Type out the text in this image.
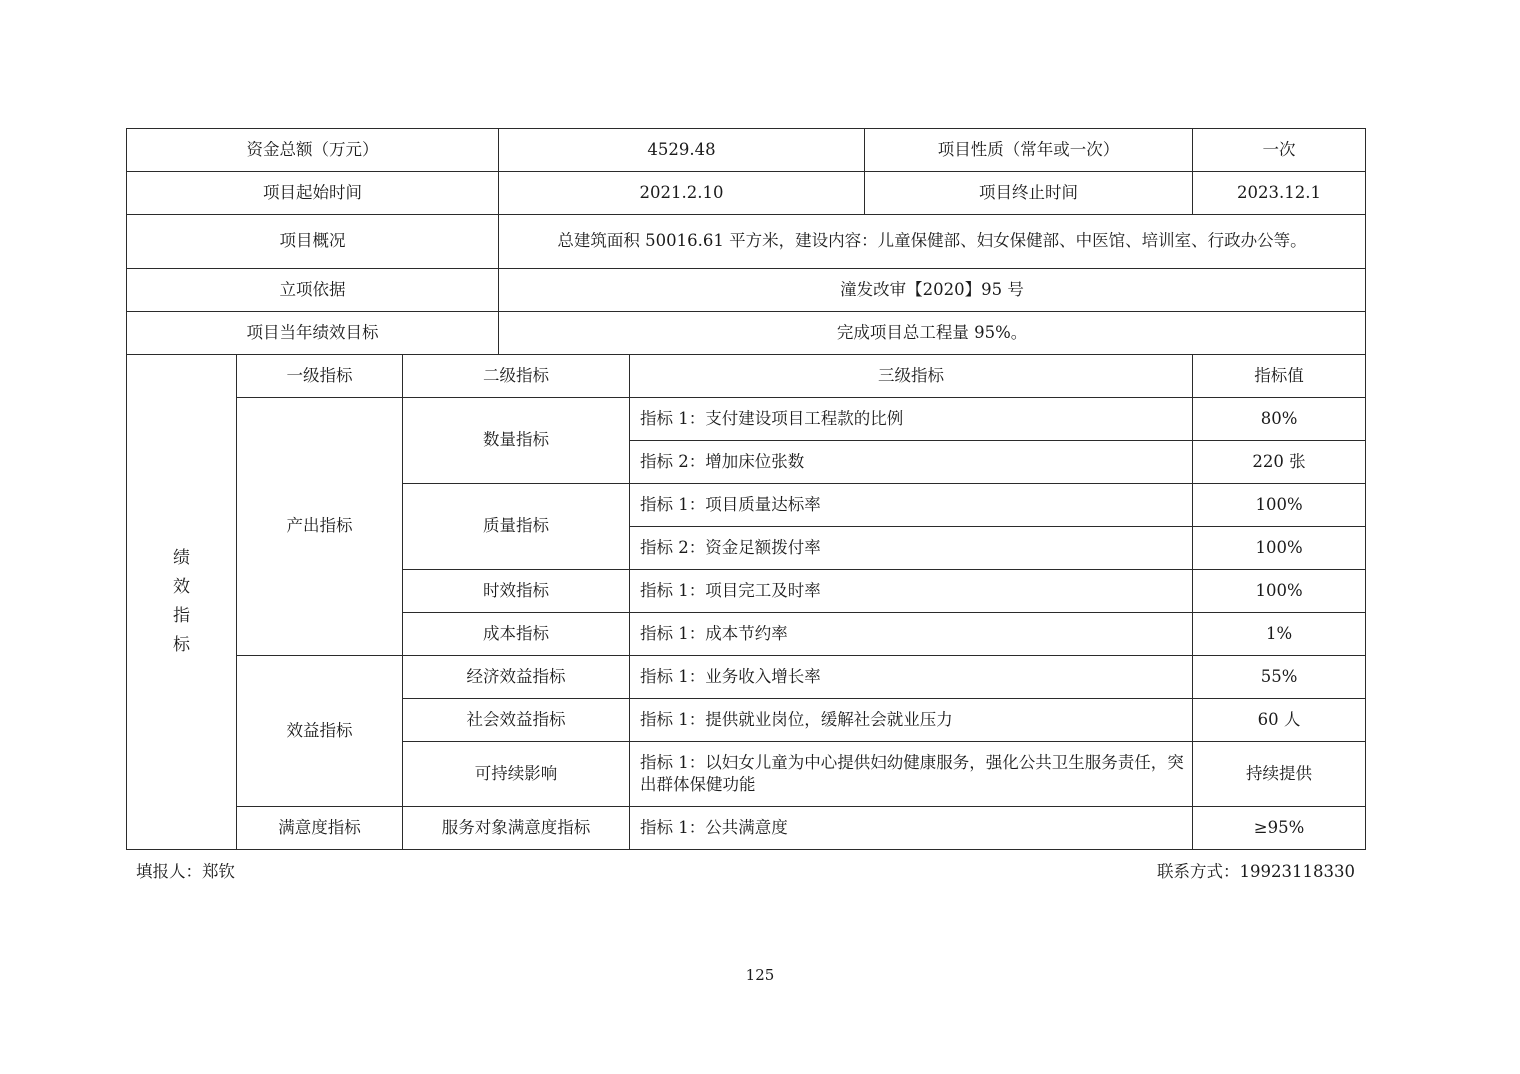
资金总额（万元）			4529.48		项目性质（常年或一次）	一次
项目起始时间			2021.2.10		项目终止时间	2023.12.1
项目概况			总建筑面积 50016.61 平方米，建设内容：儿童保健部、妇女保健部、中医馆、培训室、行政办公等。			
立项依据			潼发改审【2020】95 号			
项目当年绩效目标			完成项目总工程量 95%。			
绩效指标	一级指标	二级指标		三级指标		指标值
	产出指标	数量指标		指标 1：支付建设项目工程款的比例		80%
				指标 2：增加床位张数		220 张
		质量指标		指标 1：项目质量达标率		100%
				指标 2：资金足额拨付率		100%
		时效指标		指标 1：项目完工及时率		100%
		成本指标		指标 1：成本节约率		1%
	效益指标	经济效益指标		指标 1：业务收入增长率		55%
		社会效益指标		指标 1：提供就业岗位，缓解社会就业压力		60 人
		可持续影响		指标 1：以妇女儿童为中心提供妇幼健康服务，强化公共卫生服务责任，突出群体保健功能		持续提供
	满意度指标	服务对象满意度指标		指标 1：公共满意度		≥95%
填报人：郑钦	联系方式：19923118330
125
